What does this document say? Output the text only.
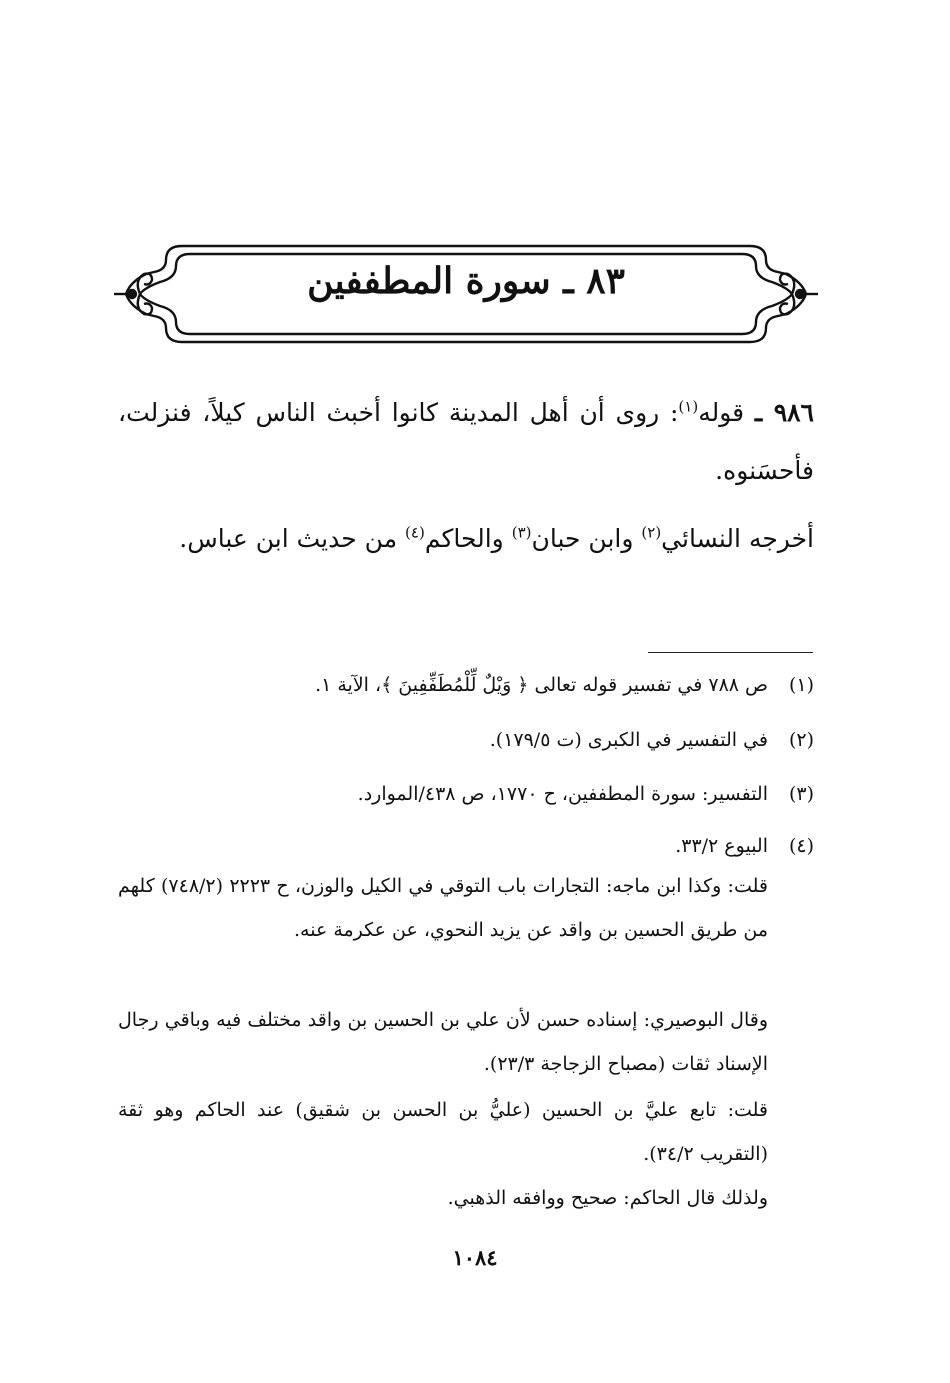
٨٣ ـ سورة المطففين
٩٨٦ ـ قوله$^{(١)}$: روى أن أهل المدينة كانوا أخبث الناس كيلاً، فنزلت، فأحسَنوه.
أخرجه النسائي$^{(٢)}$ وابن حبان$^{(٣)}$ والحاكم$^{(٤)}$ من حديث ابن عباس.
(١)ص ٧٨٨ في تفسير قوله تعالى ﴿ وَيْلٌ لِّلْمُطَفِّفِينَ ﴾، الآية ١.
(٢)في التفسير في الكبرى (ت ١٧٩/٥).
(٣)التفسير: سورة المطففين، ح ١٧٧٠، ص ٤٣٨/الموارد.
(٤)البيوع ٣٣/٢.
قلت: وكذا ابن ماجه: التجارات باب التوقي في الكيل والوزن، ح ٢٢٢٣ (٧٤٨/٢) كلهم من طريق الحسين بن واقد عن يزيد النحوي، عن عكرمة عنه.
وقال البوصيري: إسناده حسن لأن علي بن الحسين بن واقد مختلف فيه وباقي رجال الإسناد ثقات (مصباح الزجاجة ٢٣/٣).
قلت: تابع عليَّ بن الحسين (عليُّ بن الحسن بن شقيق) عند الحاكم وهو ثقة (التقريب ٣٤/٢).
ولذلك قال الحاكم: صحيح ووافقه الذهبي.
١٠٨٤
